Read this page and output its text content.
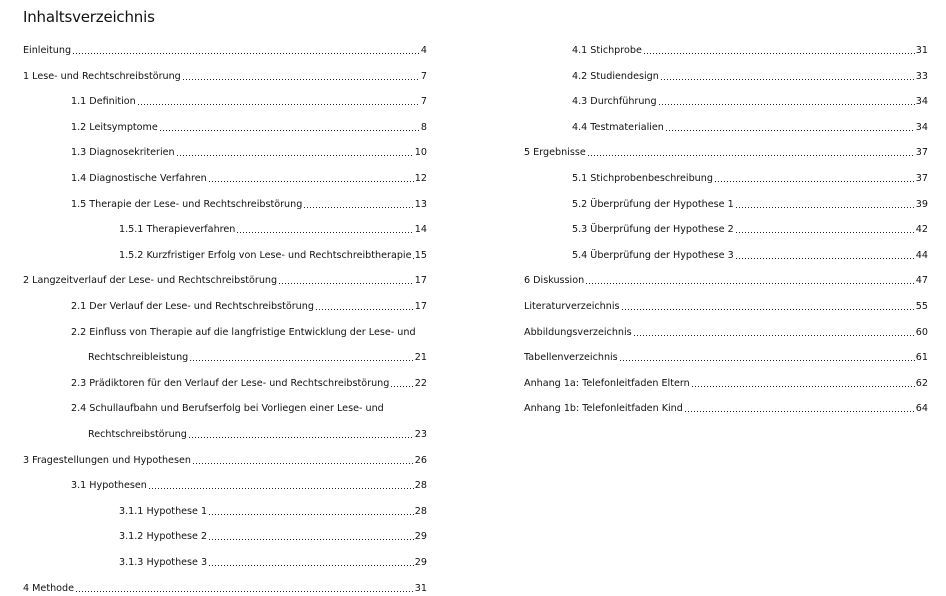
Inhaltsverzeichnis
Einleitung	4
1 Lese- und Rechtschreibstörung	7
1.1 Definition	7
1.2 Leitsymptome	8
1.3 Diagnosekriterien	10
1.4 Diagnostische Verfahren	12
1.5 Therapie der Lese- und Rechtschreibstörung	13
1.5.1 Therapieverfahren	14
1.5.2 Kurzfristiger Erfolg von Lese- und Rechtschreibtherapie 15
2 Langzeitverlauf der Lese- und Rechtschreibstörung	17
2.1 Der Verlauf der Lese- und Rechtschreibstörung	17
2.2 Einfluss von Therapie auf die langfristige Entwicklung der Lese- und
Rechtschreibleistung	21
2.3 Prädiktoren für den Verlauf der Lese- und Rechtschreibstörung	22
2.4 Schullaufbahn und Berufserfolg bei Vorliegen einer Lese- und
Rechtschreibstörung	23
3 Fragestellungen und Hypothesen	26
3.1 Hypothesen	28
3.1.1 Hypothese 1	28
3.1.2 Hypothese 2	29
3.1.3 Hypothese 3	29
4 Methode	31
4.1 Stichprobe	31
4.2 Studiendesign	33
4.3 Durchführung	34
4.4 Testmaterialien	34
5 Ergebnisse	37
5.1 Stichprobenbeschreibung	37
5.2 Überprüfung der Hypothese 1	39
5.3 Überprüfung der Hypothese 2	42
5.4 Überprüfung der Hypothese 3	44
6 Diskussion	47
Literaturverzeichnis	55
Abbildungsverzeichnis	60
Tabellenverzeichnis	61
Anhang 1a: Telefonleitfaden Eltern	62
Anhang 1b: Telefonleitfaden Kind	64
